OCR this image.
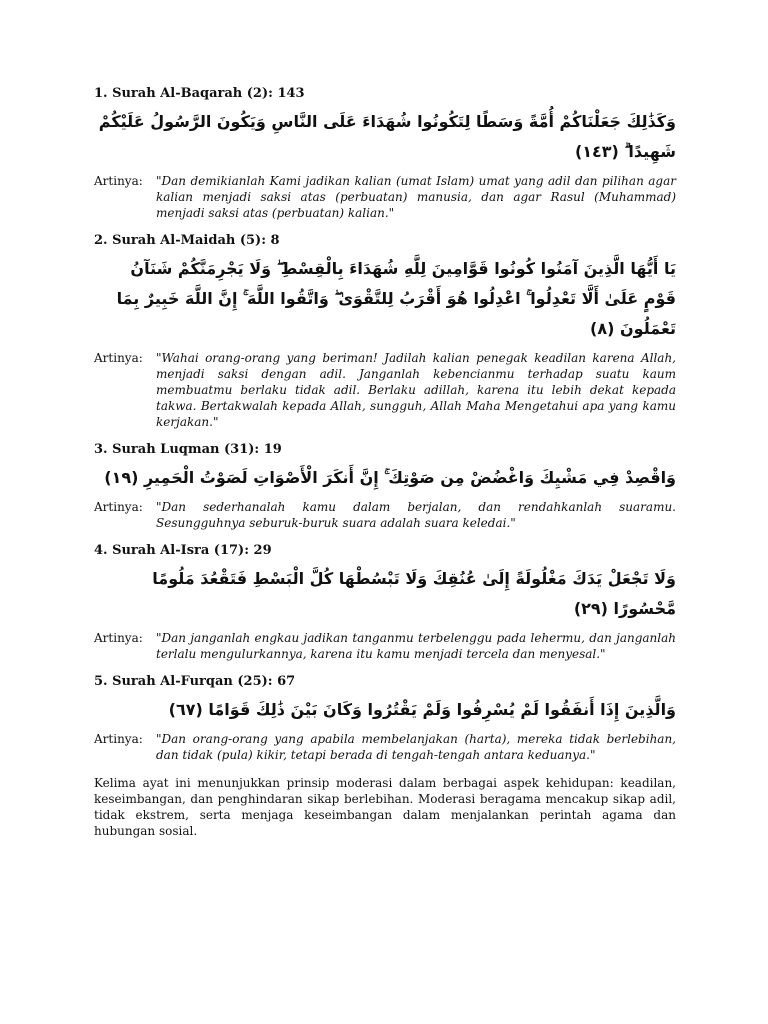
1. Surah Al-Baqarah (2): 143

وَكَذَٰلِكَ جَعَلْنَاكُمْ أُمَّةً وَسَطًا لِتَكُونُوا شُهَدَاءَ عَلَى النَّاسِ وَيَكُونَ الرَّسُولُ عَلَيْكُمْ شَهِيدًا ۗ (١٤٣)

Artinya:	"Dan demikianlah Kami jadikan kalian (umat Islam) umat yang adil dan pilihan agar kalian menjadi saksi atas (perbuatan) manusia, dan agar Rasul (Muhammad) menjadi saksi atas (perbuatan) kalian."

2. Surah Al-Maidah (5): 8

يَا أَيُّهَا الَّذِينَ آمَنُوا كُونُوا قَوَّامِينَ لِلَّهِ شُهَدَاءَ بِالْقِسْطِ ۖ وَلَا يَجْرِمَنَّكُمْ شَنَآنُ قَوْمٍ عَلَىٰ أَلَّا تَعْدِلُوا ۚ اعْدِلُوا هُوَ أَقْرَبُ لِلتَّقْوَىٰ ۖ وَاتَّقُوا اللَّهَ ۚ إِنَّ اللَّهَ خَبِيرٌ بِمَا تَعْمَلُونَ (٨)

Artinya:	"Wahai orang-orang yang beriman! Jadilah kalian penegak keadilan karena Allah, menjadi saksi dengan adil. Janganlah kebencianmu terhadap suatu kaum membuatmu berlaku tidak adil. Berlaku adillah, karena itu lebih dekat kepada takwa. Bertakwalah kepada Allah, sungguh, Allah Maha Mengetahui apa yang kamu kerjakan."

3. Surah Luqman (31): 19

وَاقْصِدْ فِي مَشْيِكَ وَاغْضُضْ مِن صَوْتِكَ ۚ إِنَّ أَنكَرَ الْأَصْوَاتِ لَصَوْتُ الْحَمِيرِ (١٩)

Artinya:	"Dan sederhanalah kamu dalam berjalan, dan rendahkanlah suaramu. Sesungguhnya seburuk-buruk suara adalah suara keledai."

4. Surah Al-Isra (17): 29

وَلَا تَجْعَلْ يَدَكَ مَغْلُولَةً إِلَىٰ عُنُقِكَ وَلَا تَبْسُطْهَا كُلَّ الْبَسْطِ فَتَقْعُدَ مَلُومًا مَّحْسُورًا (٢٩)

Artinya:	"Dan janganlah engkau jadikan tanganmu terbelenggu pada lehermu, dan janganlah terlalu mengulurkannya, karena itu kamu menjadi tercela dan menyesal."

5. Surah Al-Furqan (25): 67

وَالَّذِينَ إِذَا أَنفَقُوا لَمْ يُسْرِفُوا وَلَمْ يَقْتُرُوا وَكَانَ بَيْنَ ذَٰلِكَ قَوَامًا (٦٧)

Artinya:	"Dan orang-orang yang apabila membelanjakan (harta), mereka tidak berlebihan, dan tidak (pula) kikir, tetapi berada di tengah-tengah antara keduanya."

Kelima ayat ini menunjukkan prinsip moderasi dalam berbagai aspek kehidupan: keadilan, keseimbangan, dan penghindaran sikap berlebihan. Moderasi beragama mencakup sikap adil, tidak ekstrem, serta menjaga keseimbangan dalam menjalankan perintah agama dan hubungan sosial.
